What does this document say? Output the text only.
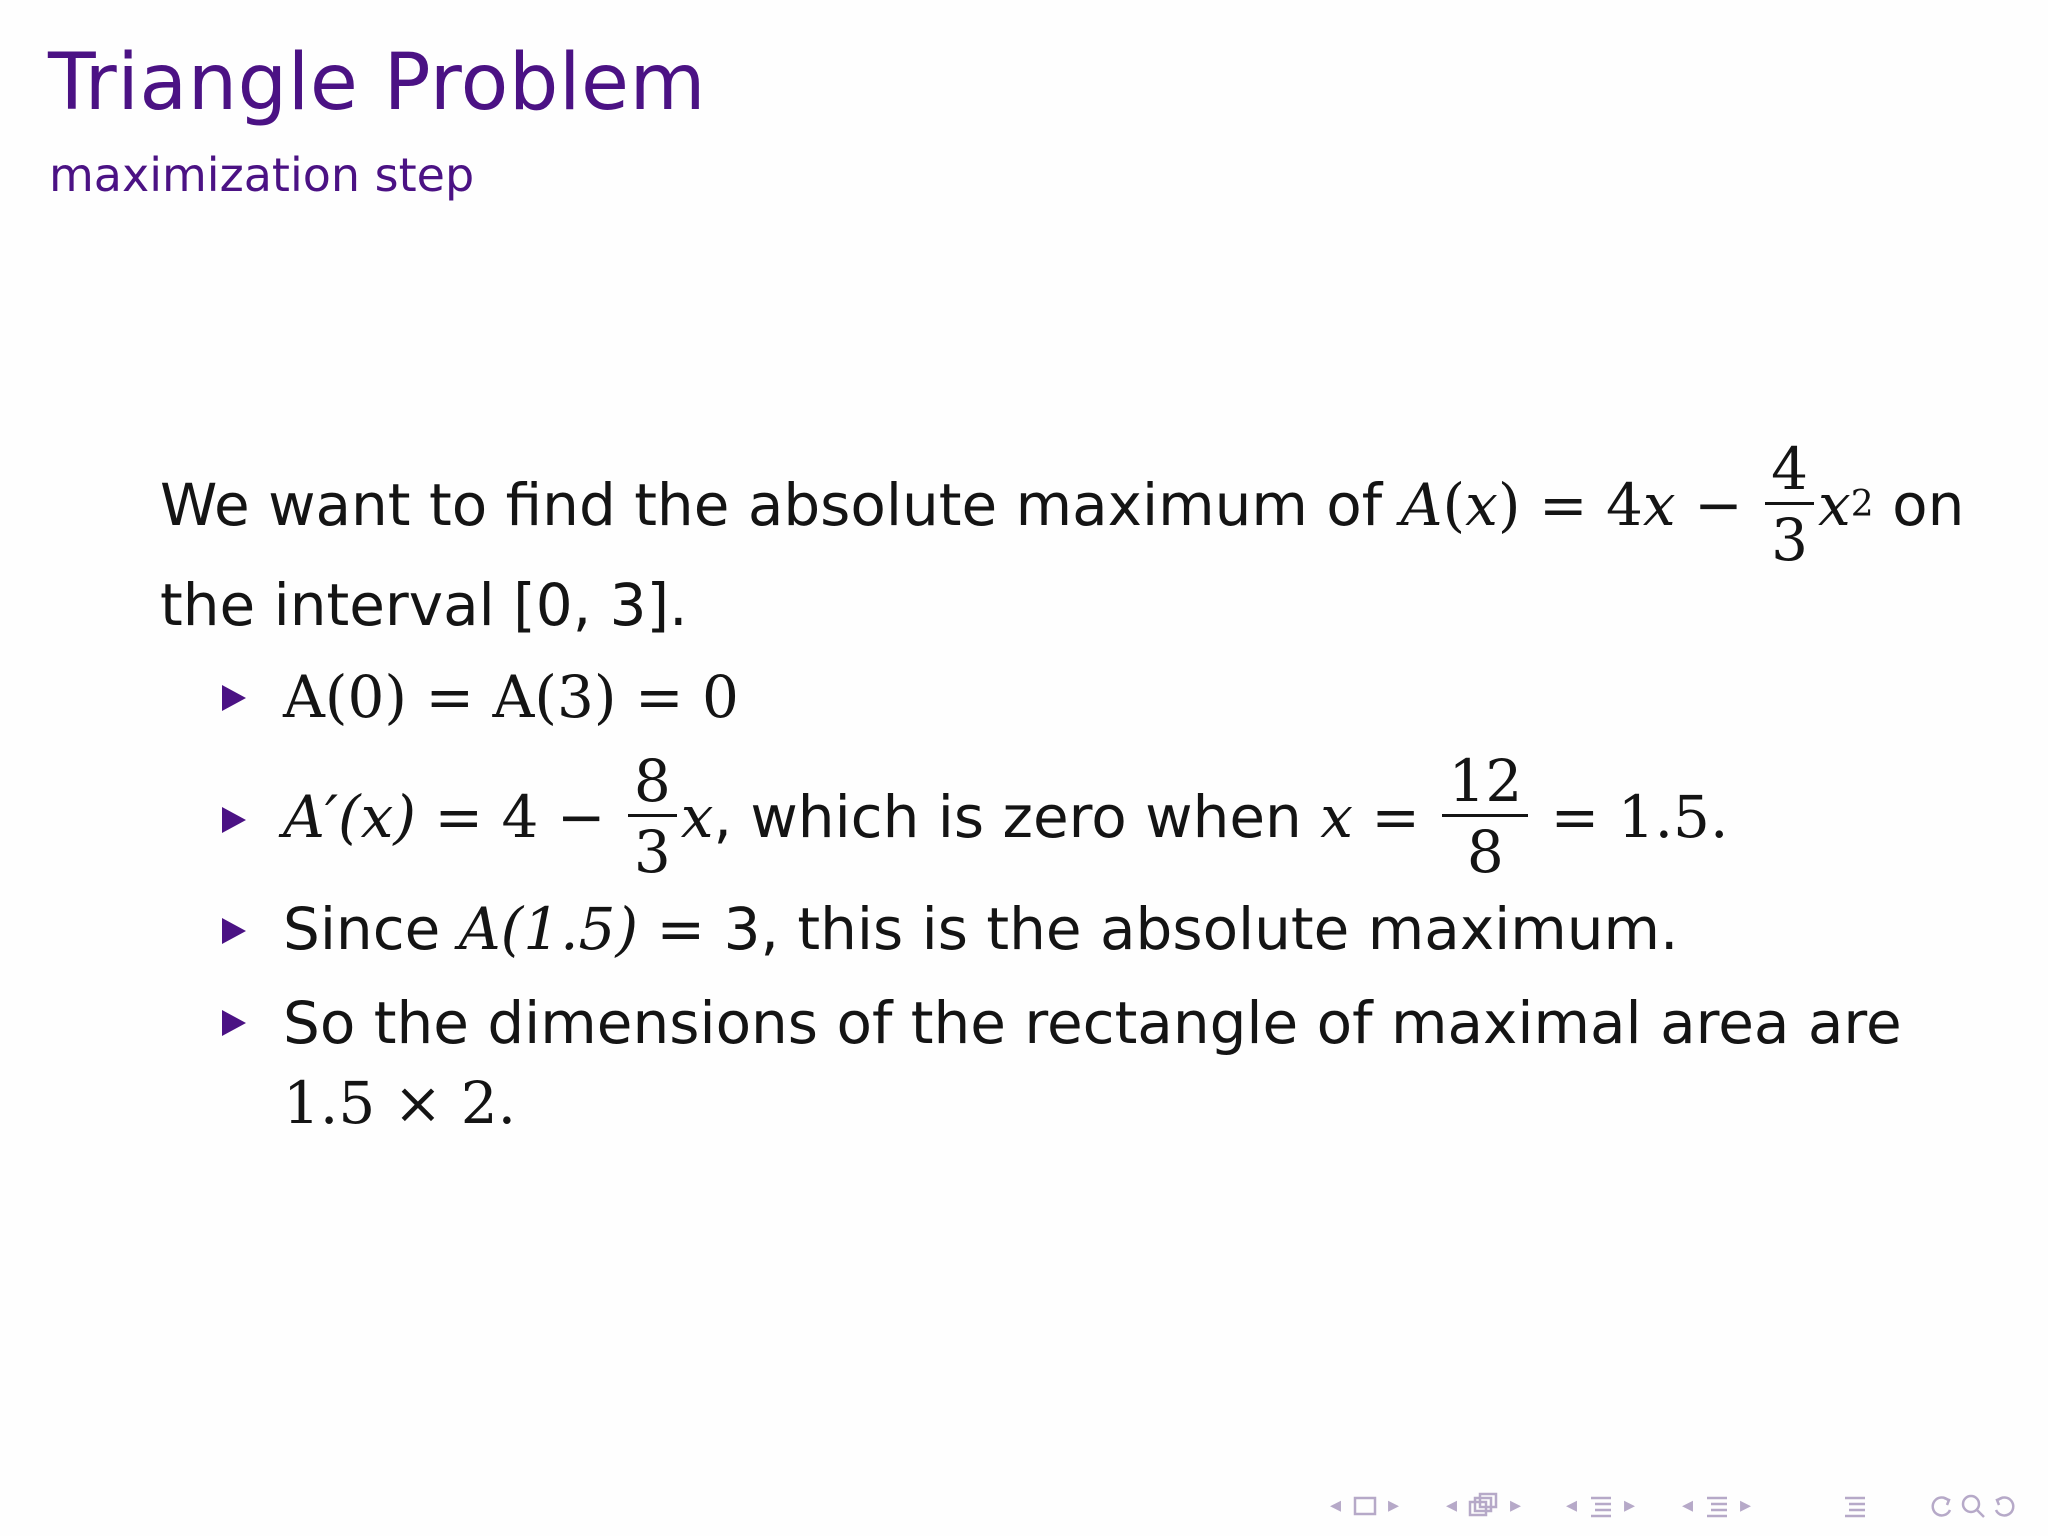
Triangle Problem
maximization step
We want to find the absolute maximum of A ( x ) = 4 $x - \frac{4}{3}$ x 2 on
the interval [0, 3].
A(0) = A(3) = 0
$A'(x) = 4 - \frac{8}{3}$ x , which is zero when $x = \frac{12}{8} = 1.5$.
Since A(1.5) = 3, this is the absolute maximum.
So the dimensions of the rectangle of maximal area are
1.5 × 2.
◂ ▸ ◂ ▸ ◂ ▸ ◂ ▸
